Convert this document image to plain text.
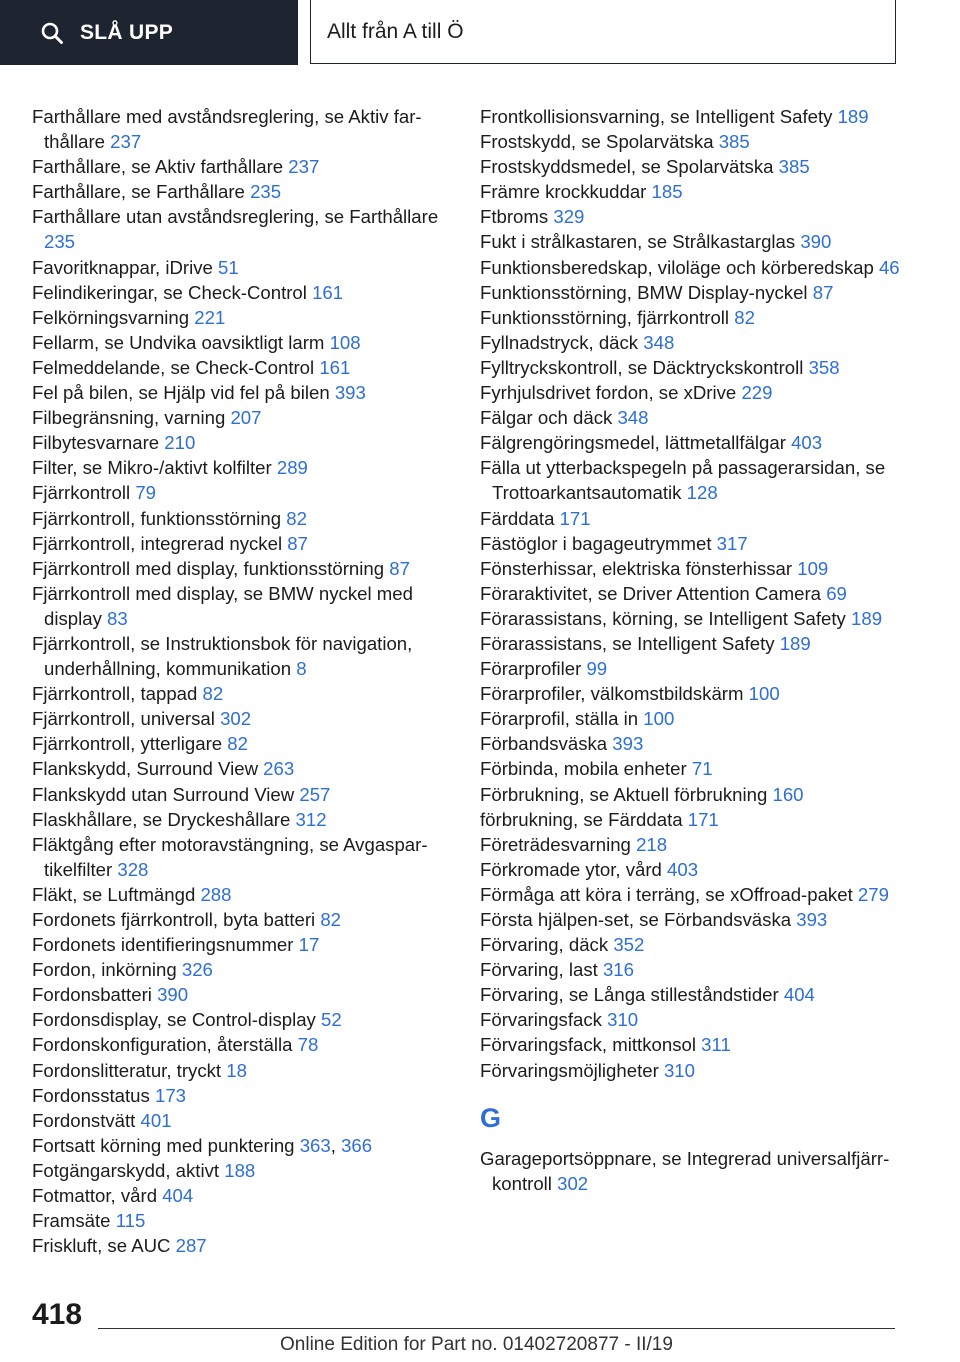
SLÅ UPP	Allt från A till Ö
Farthållare med avståndsreglering, se Aktiv farthållare 237
Farthållare, se Aktiv farthållare 237
Farthållare, se Farthållare 235
Farthållare utan avståndsreglering, se Farthållare 235
Favoritknappar, iDrive 51
Felindikeringar, se Check-Control 161
Felkörningsvarning 221
Fellarm, se Undvika oavsiktligt larm 108
Felmeddelande, se Check-Control 161
Fel på bilen, se Hjälp vid fel på bilen 393
Filbegränsning, varning 207
Filbytesvarnare 210
Filter, se Mikro-/aktivt kolfilter 289
Fjärrkontroll 79
Fjärrkontroll, funktionsstörning 82
Fjärrkontroll, integrerad nyckel 87
Fjärrkontroll med display, funktionsstörning 87
Fjärrkontroll med display, se BMW nyckel med display 83
Fjärrkontroll, se Instruktionsbok för navigation, underhållning, kommunikation 8
Fjärrkontroll, tappad 82
Fjärrkontroll, universal 302
Fjärrkontroll, ytterligare 82
Flankskydd, Surround View 263
Flankskydd utan Surround View 257
Flaskhållare, se Dryckeshållare 312
Fläktgång efter motoravstängning, se Avgaspartikelfilter 328
Fläkt, se Luftmängd 288
Fordonets fjärrkontroll, byta batteri 82
Fordonets identifieringsnummer 17
Fordon, inkörning 326
Fordonsbatteri 390
Fordonsdisplay, se Control-display 52
Fordonskonfiguration, återställa 78
Fordonslitteratur, tryckt 18
Fordonsstatus 173
Fordonstvätt 401
Fortsatt körning med punktering 363, 366
Fotgängarskydd, aktivt 188
Fotmattor, vård 404
Framsäte 115
Friskluft, se AUC 287
Frontkollisionsvarning, se Intelligent Safety 189
Frostskydd, se Spolarvätska 385
Frostskyddsmedel, se Spolarvätska 385
Främre krockkuddar 185
Ftbroms 329
Fukt i strålkastaren, se Strålkastarglas 390
Funktionsberedskap, viloläge och körberedskap 46
Funktionsstörning, BMW Display-nyckel 87
Funktionsstörning, fjärrkontroll 82
Fyllnadstryck, däck 348
Fylltryckskontroll, se Däcktryckskontroll 358
Fyrhjulsdrivet fordon, se xDrive 229
Fälgar och däck 348
Fälgrengöringsmedel, lättmetallfälgar 403
Fälla ut ytterbackspegeln på passagerarsidan, se Trottoarkantsautomatik 128
Färddata 171
Fästöglor i bagageutrymmet 317
Fönsterhissar, elektriska fönsterhissar 109
Föraraktivitet, se Driver Attention Camera 69
Förarassistans, körning, se Intelligent Safety 189
Förarassistans, se Intelligent Safety 189
Förarprofiler 99
Förarprofiler, välkomstbildskärm 100
Förarprofil, ställa in 100
Förbandsväska 393
Förbinda, mobila enheter 71
Förbrukning, se Aktuell förbrukning 160
förbrukning, se Färddata 171
Företrädesvarning 218
Förkromade ytor, vård 403
Förmåga att köra i terräng, se xOffroad-paket 279
Första hjälpen-set, se Förbandsväska 393
Förvaring, däck 352
Förvaring, last 316
Förvaring, se Långa stilleståndstider 404
Förvaringsfack 310
Förvaringsfack, mittkonsol 311
Förvaringsmöjligheter 310
G
Garageportsöppnare, se Integrerad universalfjärrkontroll 302
418
Online Edition for Part no. 01402720877 - II/19
